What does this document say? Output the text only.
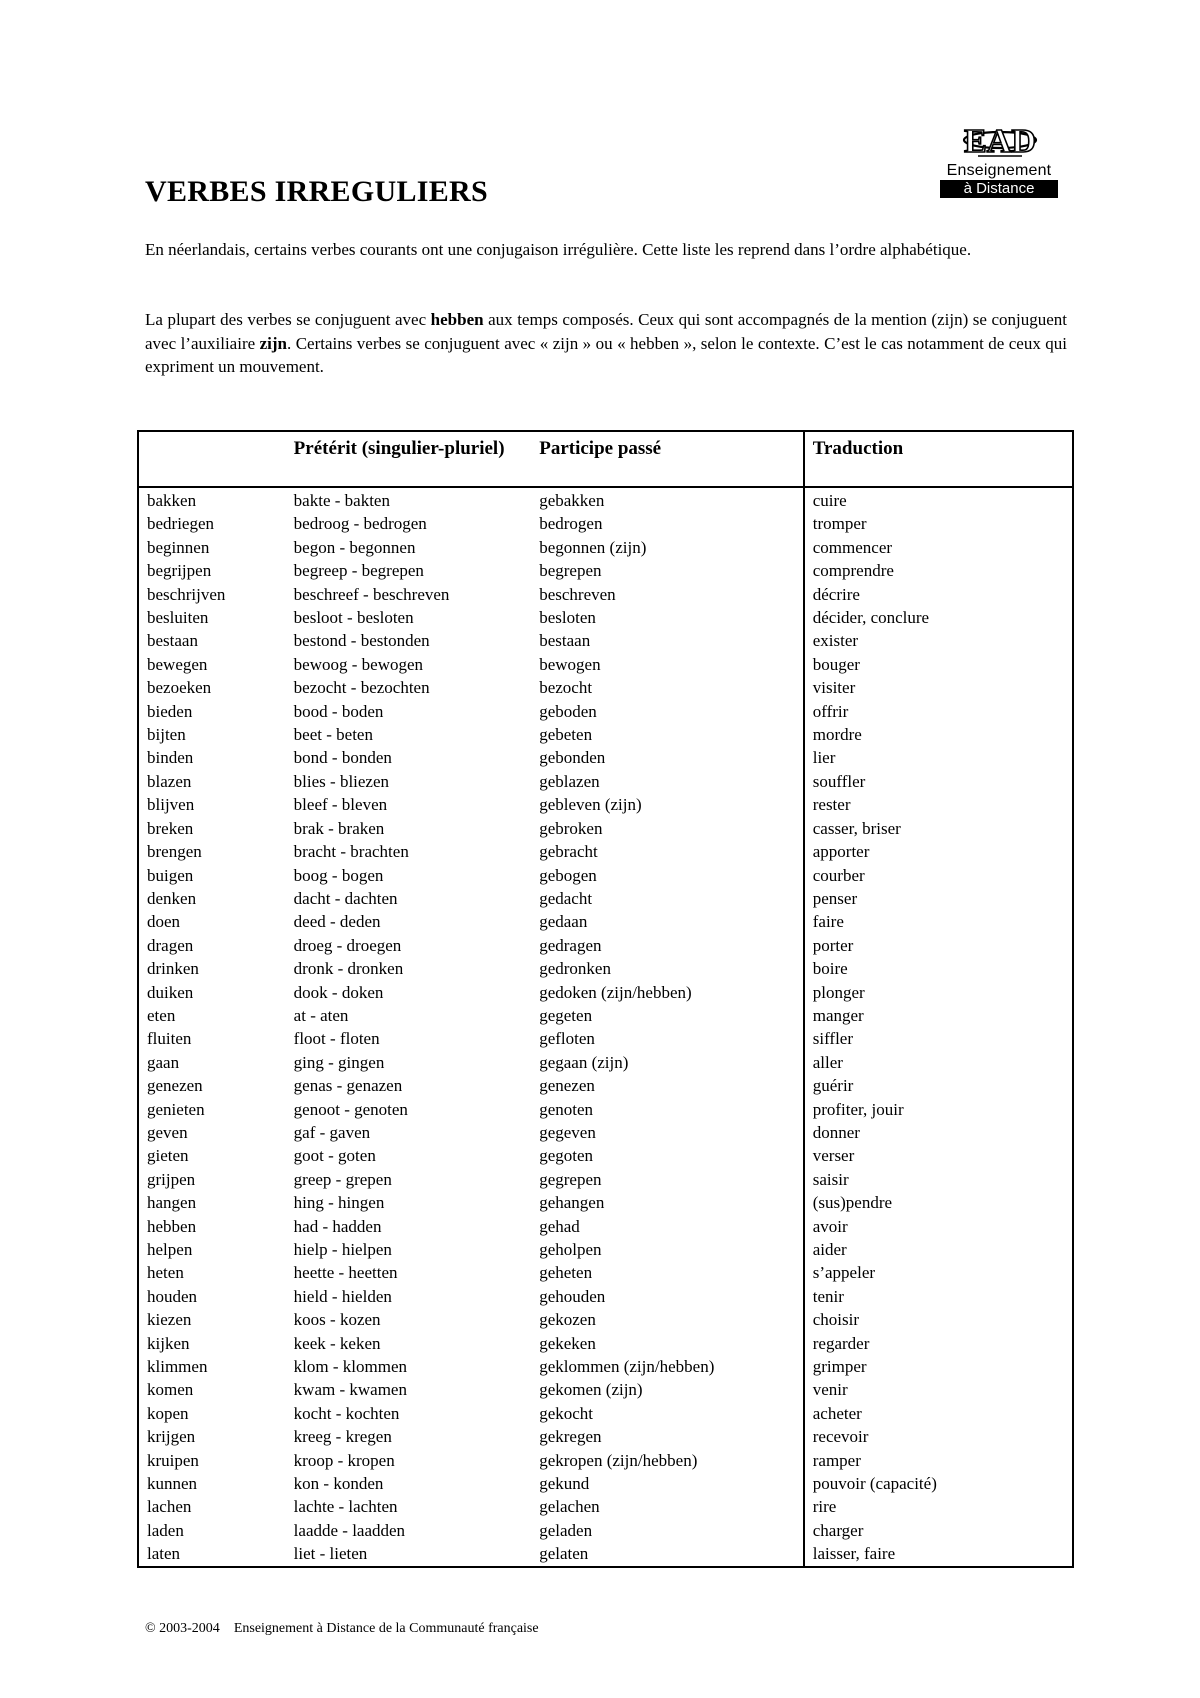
EAD
Enseignement
à Distance
VERBES IRREGULIERS

En néerlandais, certains verbes courants ont une conjugaison irrégulière. Cette liste les reprend dans l’ordre alphabétique.

La plupart des verbes se conjuguent avec hebben aux temps composés. Ceux qui sont accompagnés de la mention (zijn) se conjuguent avec l’auxiliaire zijn. Certains verbes se conjuguent avec « zijn » ou « hebben », selon le contexte. C’est le cas notamment de ceux qui expriment un mouvement.

	Prétérit (singulier-pluriel)	Participe passé	Traduction
bakken	bakte - bakten	gebakken	cuire
bedriegen	bedroog - bedrogen	bedrogen	tromper
beginnen	begon - begonnen	begonnen (zijn)	commencer
begrijpen	begreep - begrepen	begrepen	comprendre
beschrijven	beschreef - beschreven	beschreven	décrire
besluiten	besloot - besloten	besloten	décider, conclure
bestaan	bestond - bestonden	bestaan	exister
bewegen	bewoog - bewogen	bewogen	bouger
bezoeken	bezocht - bezochten	bezocht	visiter
bieden	bood - boden	geboden	offrir
bijten	beet - beten	gebeten	mordre
binden	bond - bonden	gebonden	lier
blazen	blies - bliezen	geblazen	souffler
blijven	bleef - bleven	gebleven (zijn)	rester
breken	brak - braken	gebroken	casser, briser
brengen	bracht - brachten	gebracht	apporter
buigen	boog - bogen	gebogen	courber
denken	dacht - dachten	gedacht	penser
doen	deed - deden	gedaan	faire
dragen	droeg - droegen	gedragen	porter
drinken	dronk - dronken	gedronken	boire
duiken	dook - doken	gedoken (zijn/hebben)	plonger
eten	at - aten	gegeten	manger
fluiten	floot - floten	gefloten	siffler
gaan	ging - gingen	gegaan (zijn)	aller
genezen	genas - genazen	genezen	guérir
genieten	genoot - genoten	genoten	profiter, jouir
geven	gaf - gaven	gegeven	donner
gieten	goot - goten	gegoten	verser
grijpen	greep - grepen	gegrepen	saisir
hangen	hing - hingen	gehangen	(sus)pendre
hebben	had - hadden	gehad	avoir
helpen	hielp - hielpen	geholpen	aider
heten	heette - heetten	geheten	s’appeler
houden	hield - hielden	gehouden	tenir
kiezen	koos - kozen	gekozen	choisir
kijken	keek - keken	gekeken	regarder
klimmen	klom - klommen	geklommen (zijn/hebben)	grimper
komen	kwam - kwamen	gekomen (zijn)	venir
kopen	kocht - kochten	gekocht	acheter
krijgen	kreeg - kregen	gekregen	recevoir
kruipen	kroop - kropen	gekropen (zijn/hebben)	ramper
kunnen	kon - konden	gekund	pouvoir (capacité)
lachen	lachte - lachten	gelachen	rire
laden	laadde - laadden	geladen	charger
laten	liet - lieten	gelaten	laisser, faire
© 2003-2004 Enseignement à Distance de la Communauté française
